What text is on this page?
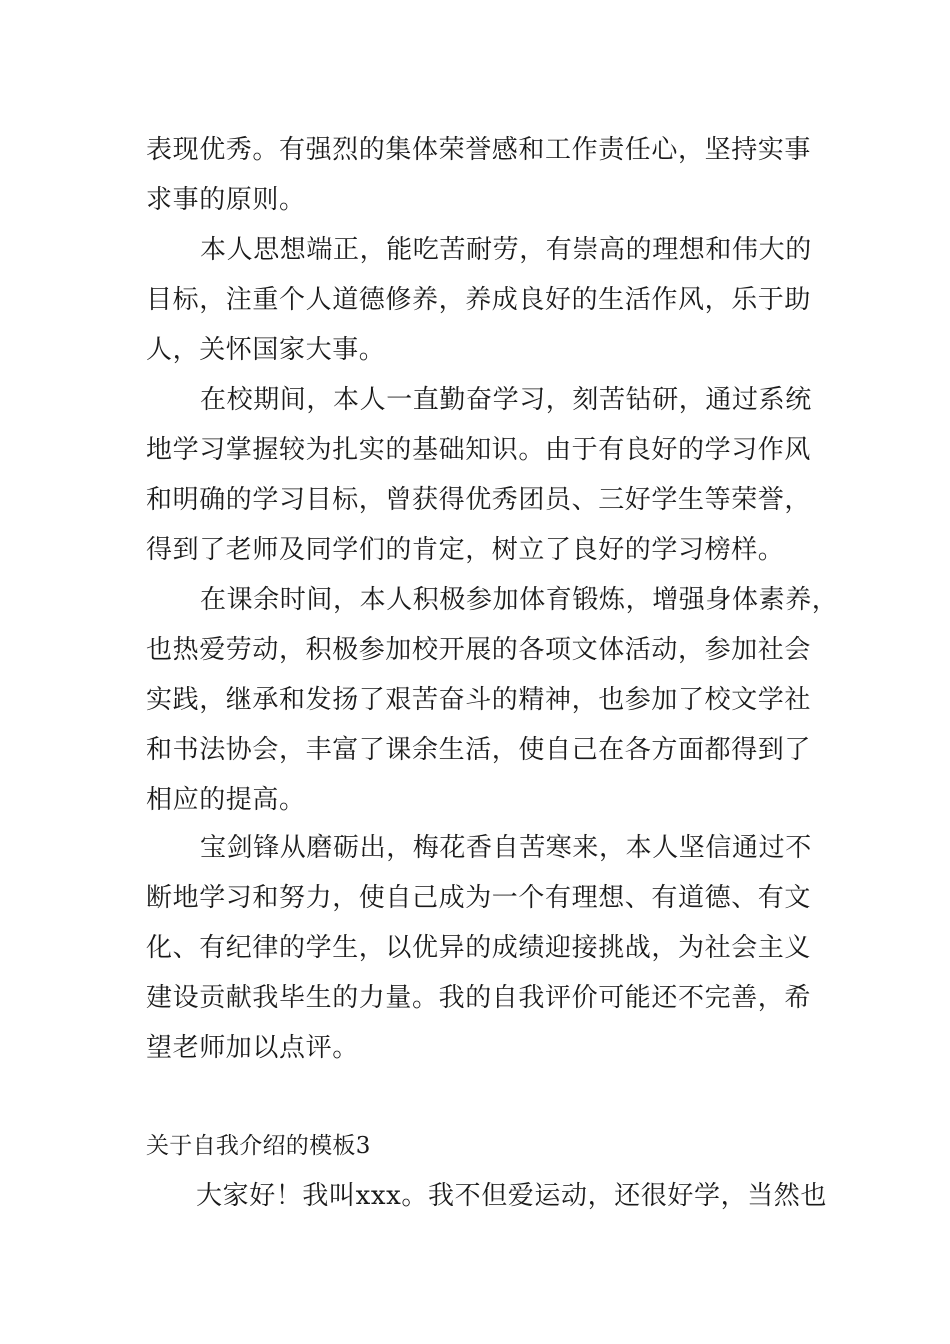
表现优秀。有强烈的集体荣誉感和工作责任心，坚持实事
求事的原则。
本人思想端正，能吃苦耐劳，有崇高的理想和伟大的
目标，注重个人道德修养，养成良好的生活作风，乐于助
人，关怀国家大事。
在校期间，本人一直勤奋学习，刻苦钻研，通过系统
地学习掌握较为扎实的基础知识。由于有良好的学习作风
和明确的学习目标，曾获得优秀团员、三好学生等荣誉，
得到了老师及同学们的肯定，树立了良好的学习榜样。
在课余时间，本人积极参加体育锻炼，增强身体素养，
也热爱劳动，积极参加校开展的各项文体活动，参加社会
实践，继承和发扬了艰苦奋斗的精神，也参加了校文学社
和书法协会，丰富了课余生活，使自己在各方面都得到了
相应的提高。
宝剑锋从磨砺出，梅花香自苦寒来，本人坚信通过不
断地学习和努力，使自己成为一个有理想、有道德、有文
化、有纪律的学生，以优异的成绩迎接挑战，为社会主义
建设贡献我毕生的力量。我的自我评价可能还不完善，希
望老师加以点评。
关于自我介绍的模板3
大家好！我叫xxx。我不但爱运动，还很好学，当然也
